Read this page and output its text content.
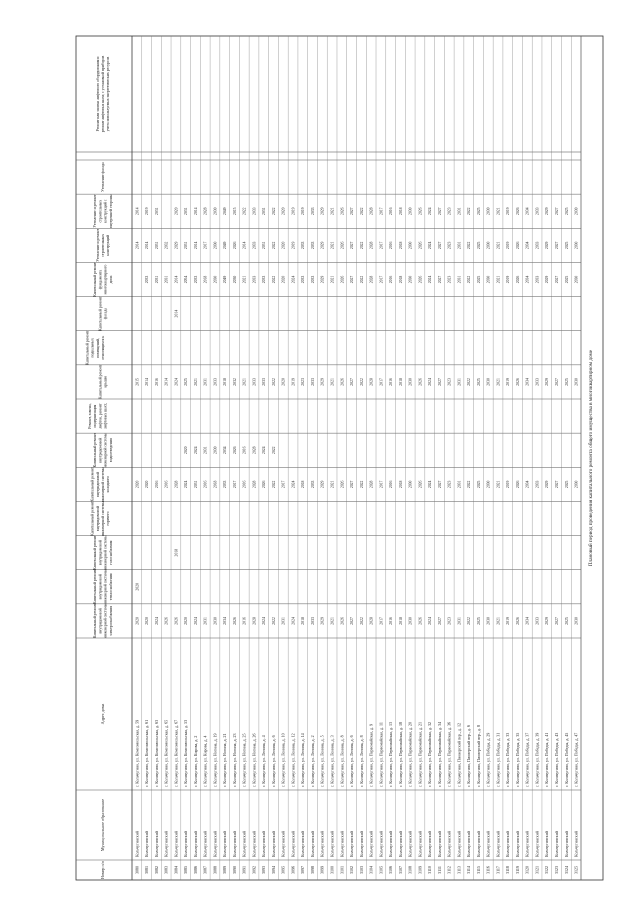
Плановый период проведения капитального ремонта общего имущества в многоквартирном доме
Номер п/п
Муниципальное образование
Адрес дома
Капитальный ремонт внутридомовой инженерной системы электроснабжения
Капитальный ремонт внутридомовой инженерной системы теплоснабжения
Капитальный ремонт внутридомовой инженерной системы газоснабжения
Капитальный ремонт внутридомовой инженерной системы горячего
Капитальный ремонт внутридомовой инженерной системы холодного
Капитальный ремонт внутридомовой инженерной системы водоотведения
Ремонт, замена, модернизация лифтов, ремонт лифтовых шахт,
Капитальный ремонт крыши
Капитальный ремонт подвальных помещений, относящихся к
Капитальный ремонт фасада
Капитальный ремонт фундамента многоквартирного дома
Утепление и ремонт строительных конструкций
Утепление и ремонт строительных конструкций с внутренней стороны
Утепление фасада
Ремонт или замена лифтового оборудования и ремонт лифтовых шахт, с установкой приборов учета используемых энергетических ресурсов
3080
Кольчугинский
г. Кольчугино, ул. Комсомольская, д. 59
2020
2020
2020
2015
2014
2014
3081
Кольчугинский
г. Кольчугино, ул. Комсомольская, д. 61
2020
2020
2014
2033
2014
2019
3082
Кольчугинский
г. Кольчугино, ул. Комсомольская, д. 63
2024
2016
2016
2031
2031
2031
3083
Кольчугинский
г. Кольчугино, ул. Комсомольская, д. 65
2026
2016
2014
2031
2032
3084
Кольчугинский
г. Кольчугино, ул. Комсомольская, д. 67
2026
2018
2028
2024
2014
2014
2029
2020
3085
Кольчугинский
г. Кольчугино, ул. Комсомольская, д. 53
2020
2024
2020
2025
2054
2031
2031
3086
Кольчугинский
г. Кольчугино, ул. Кирова, д. 2
2024
2031
2024
2021
2033
2014
2014
3087
Кольчугинский
г. Кольчугино, ул. Кирова, д. 4
2031
2016
2031
2031
2018
2017
2028
3088
Кольчугинский
г. Кольчугино, ул. Ногина, д. 19
2030
2018
2030
2033
2030
2030
2030
3089
Кольчугинский
г. Кольчугино, ул. Ногина, д. 21
2034
2033
2034
2018
2049
2049
2049
3090
Кольчугинский
г. Кольчугино, ул. Ногина, д. 23
2026
2017
2026
2032
2030
2026
2015
3091
Кольчугинский
г. Кольчугино, ул. Ногина, д. 25
2016
2016
2016
2021
2021
2014
2022
3092
Кольчугинский
г. Кольчугино, ул. Ногина, д. 26
2028
2028
2028
2033
2033
2033
2033
3093
Кольчугинский
г. Кольчугино, ул. Ленина, д. 4
2024
2026
2024
2033
2033
2031
2031
3094
Кольчугинский
г. Кольчугино, ул. Ленина, д. 6
2022
2022
2022
2022
2022
2022
2022
3095
Кольчугинский
г. Кольчугино, ул. Ленина, д. 10
2031
2017
2020
2020
2020
2020
3096
Кольчугинский
г. Кольчугино, ул. Ленина, д. 12
2024
2024
2019
2024
2019
2019
3097
Кольчугинский
г. Кольчугино, ул. Ленина, д. 14
2018
2018
2023
2033
2033
2019
3098
Кольчугинский
г. Кольчугино, ул. Ленина, д. 2
2033
2033
2033
2033
2033
2033
3099
Кольчугинский
г. Кольчугино, ул. Ленина, д. 5
2029
2029
2029
2029
2029
2029
3100
Кольчугинский
г. Кольчугино, ул. Ленина, д. 3
2021
2021
2021
2021
2021
2021
3101
Кольчугинский
г. Кольчугино, ул. Ленина, д. 8
2026
2026
2026
2026
2026
2026
3102
Кольчугинский
г. Кольчугино, ул. Ленина, д. 6
2027
2027
2027
2027
2027
2027
3103
Кольчугинский
г. Кольчугино, ул. Ленина, д. 8
2022
2022
2022
2022
2022
2022
3104
Кольчугинский
г. Кольчугино, ул. Первомайская, д. 9
2028
2028
2028
2028
2028
2028
3105
Кольчугинский
г. Кольчугино, ул. Первомайская, д. 11
2017
2017
2017
2017
2017
2017
3106
Кольчугинский
г. Кольчугино, ул. Первомайская, д. 13
2016
2016
2016
2016
2016
2016
3107
Кольчугинский
г. Кольчугино, ул. Первомайская, д. 18
2018
2018
2018
2018
2018
2018
3108
Кольчугинский
г. Кольчугино, ул. Первомайская, д. 20
2030
2030
2030
2030
2030
2030
3109
Кольчугинский
г. Кольчугино, ул. Первомайская, д. 21
2026
2026
2026
2026
2026
2026
3110
Кольчугинский
г. Кольчугино, ул. Первомайская, д. 32
2024
2024
2024
2024
2024
2024
3111
Кольчугинский
г. Кольчугино, ул. Первомайская, д. 34
2027
2027
2027
2027
2027
2027
3112
Кольчугинский
г. Кольчугино, ул. Первомайская, д. 36
2023
2023
2023
2023
2023
2023
3113
Кольчугинский
г. Кольчугино, Пионерский пер., д. 12
2031
2031
2031
2031
2031
2031
3114
Кольчугинский
г. Кольчугино, Пионерский пер., д. 6
2022
2022
2022
2022
2022
2022
3115
Кольчугинский
г. Кольчугино, Пионерский пер., д. 8
2025
2025
2025
2025
2025
2025
3116
Кольчугинский
г. Кольчугино, ул. Победы, д. 29
2030
2030
2030
2030
2030
2030
3117
Кольчугинский
г. Кольчугино, ул. Победы, д. 31
2021
2021
2021
2021
2021
2021
3118
Кольчугинский
г. Кольчугино, ул. Победы, д. 33
2019
2019
2019
2019
2019
2019
3119
Кольчугинский
г. Кольчугино, ул. Победы, д. 35
2026
2026
2026
2026
2026
2026
3120
Кольчугинский
г. Кольчугино, ул. Победы, д. 37
2034
2034
2034
2034
2034
2034
3121
Кольчугинский
г. Кольчугино, ул. Победы, д. 39
2033
2033
2033
2033
2033
2033
3122
Кольчугинский
г. Кольчугино, ул. Победы, д. 41
2029
2029
2029
2029
2029
2029
3123
Кольчугинский
г. Кольчугино, ул. Победы, д. 43
2027
2027
2027
2027
2027
2027
3124
Кольчугинский
г. Кольчугино, ул. Победы, д. 45
2025
2025
2025
2025
2025
2025
3125
Кольчугинский
г. Кольчугино, ул. Победы, д. 47
2030
2030
2030
2030
2030
2030
